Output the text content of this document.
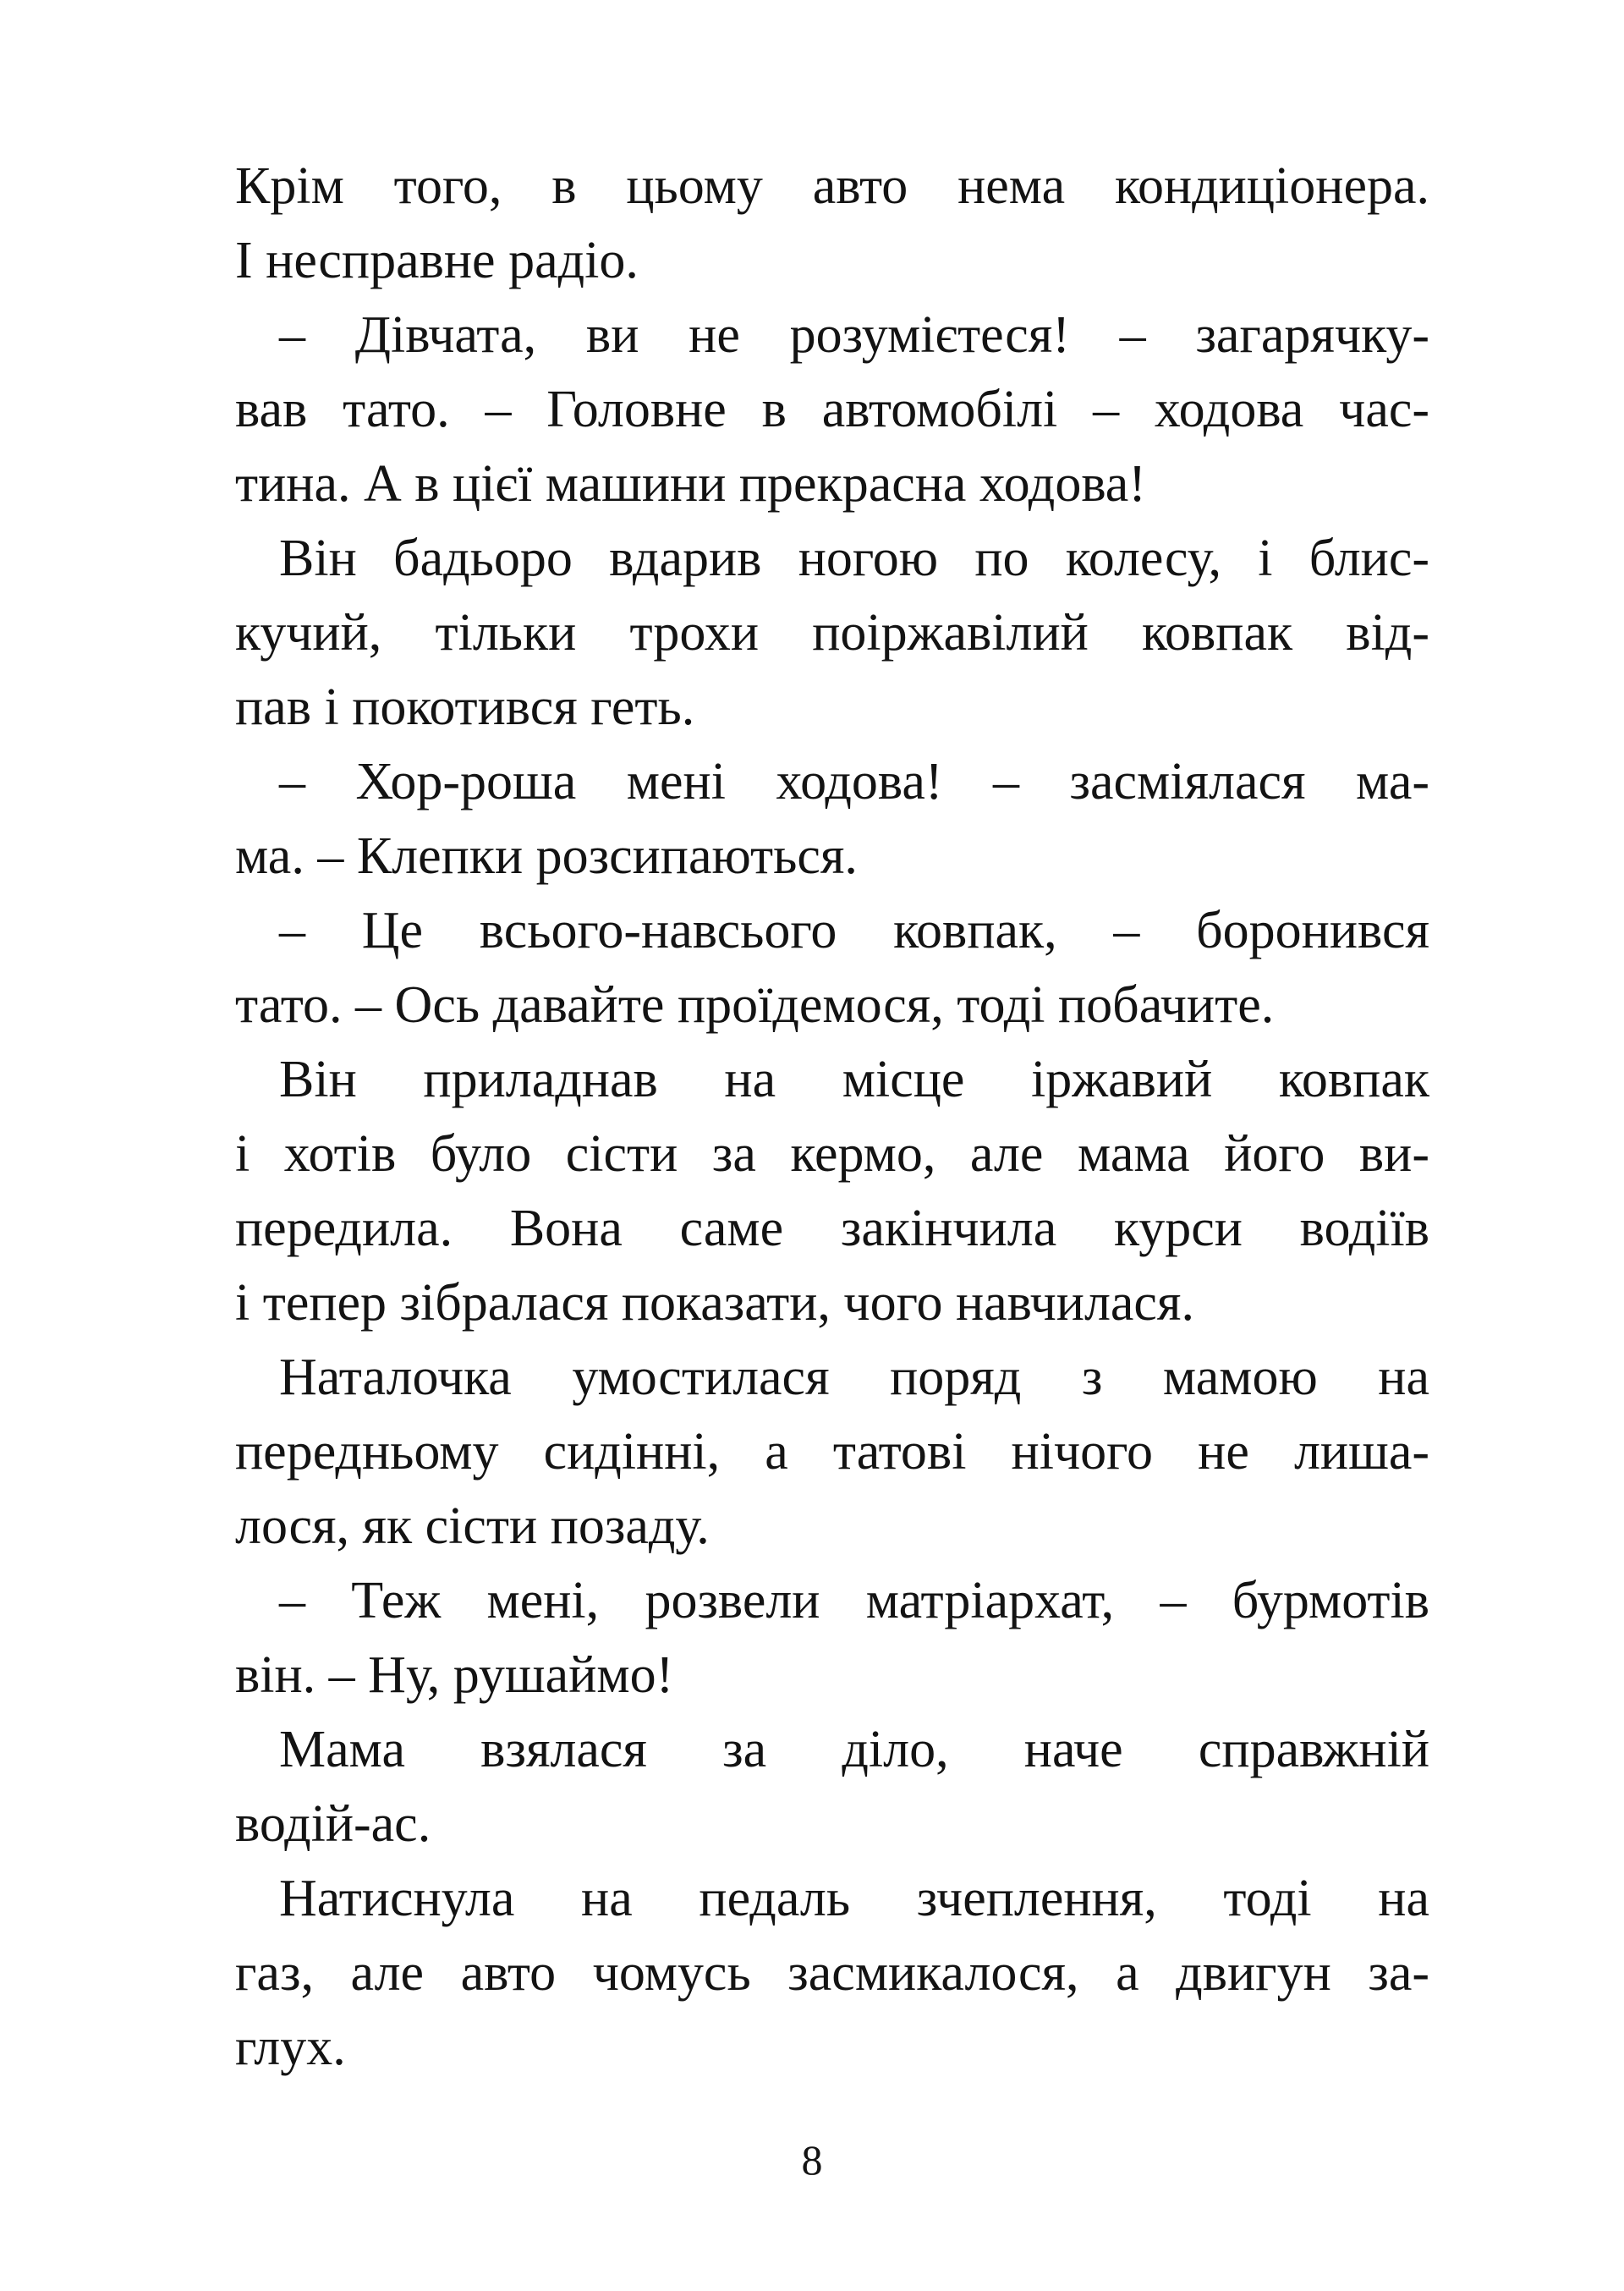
Крім того, в цьому авто нема кондиціонера.
І несправне радіо.

– Дівчата, ви не розумієтеся! – загарячку-
вав тато. – Головне в автомобілі – ходова час-
тина. А в цієї машини прекрасна ходова!

Він бадьоро вдарив ногою по колесу, і блис-
кучий, тільки трохи поіржавілий ковпак від-
пав і покотився геть.

– Хор-роша мені ходова! – засміялася ма-
ма. – Клепки розсипаються.

– Це всього-навсього ковпак, – боронився
тато. – Ось давайте проїдемося, тоді побачите.

Він приладнав на місце іржавий ковпак
і хотів було сісти за кермо, але мама його ви-
передила. Вона саме закінчила курси водіїв
і тепер зібралася показати, чого навчилася.

Наталочка умостилася поряд з мамою на
передньому сидінні, а татові нічого не лиша-
лося, як сісти позаду.

– Теж мені, розвели матріархат, – бурмотів
він. – Ну, рушаймо!

Мама взялася за діло, наче справжній
водій-ас.

Натиснула на педаль зчеплення, тоді на
газ, але авто чомусь засмикалося, а двигун за-
глух.

8
